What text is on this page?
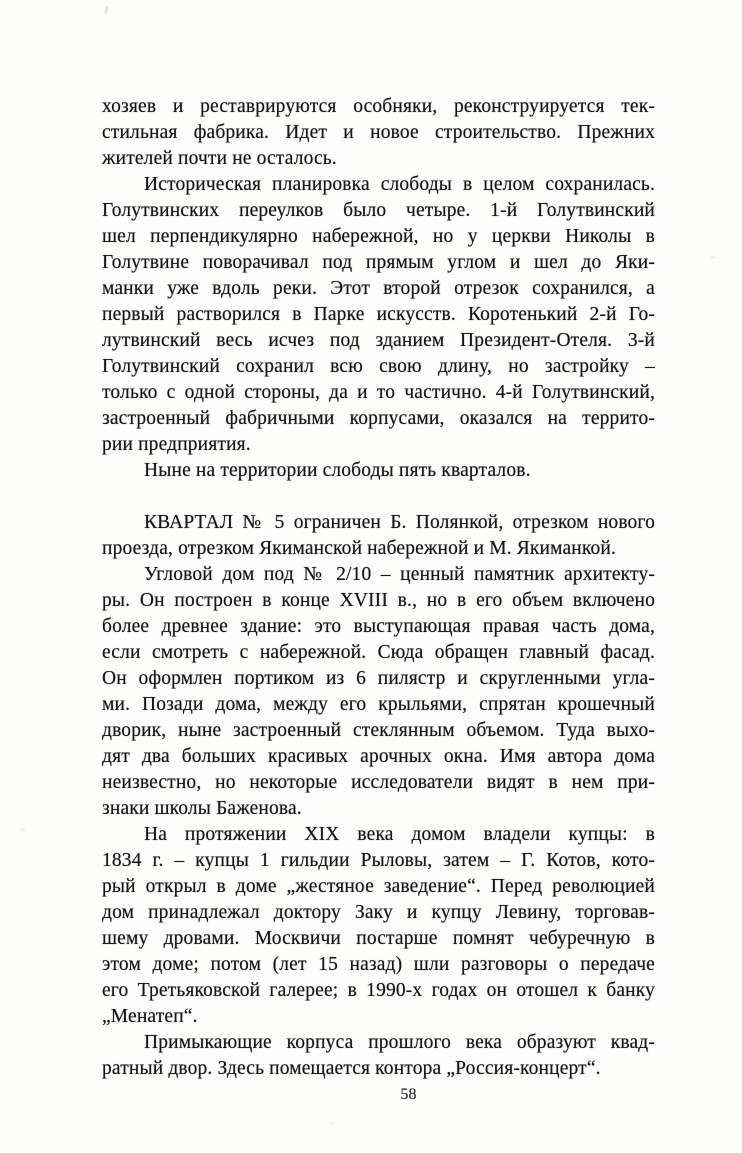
хозяев и реставрируются особняки, реконструируется тек-
стильная фабрика. Идет и новое строительство. Прежних
жителей почти не осталось.
Историческая планировка слободы в целом сохранилась.
Голутвинских переулков было четыре. 1-й Голутвинский
шел перпендикулярно набережной, но у церкви Николы в
Голутвине поворачивал под прямым углом и шел до Яки-
манки уже вдоль реки. Этот второй отрезок сохранился, а
первый растворился в Парке искусств. Коротенький 2-й Го-
лутвинский весь исчез под зданием Президент-Отеля. 3-й
Голутвинский сохранил всю свою длину, но застройку –
только с одной стороны, да и то частично. 4-й Голутвинский,
застроенный фабричными корпусами, оказался на террито-
рии предприятия.
Ныне на территории слободы пять кварталов.
КВАРТАЛ № 5 ограничен Б. Полянкой, отрезком нового
проезда, отрезком Якиманской набережной и М. Якиманкой.
Угловой дом под № 2/10 – ценный памятник архитекту-
ры. Он построен в конце XVIII в., но в его объем включено
более древнее здание: это выступающая правая часть дома,
если смотреть с набережной. Сюда обращен главный фасад.
Он оформлен портиком из 6 пилястр и скругленными угла-
ми. Позади дома, между его крыльями, спрятан крошечный
дворик, ныне застроенный стеклянным объемом. Туда выхо-
дят два больших красивых арочных окна. Имя автора дома
неизвестно, но некоторые исследователи видят в нем при-
знаки школы Баженова.
На протяжении XIX века домом владели купцы: в
1834 г. – купцы 1 гильдии Рыловы, затем – Г. Котов, кото-
рый открыл в доме „жестяное заведение“. Перед революцией
дом принадлежал доктору Заку и купцу Левину, торговав-
шему дровами. Москвичи постарше помнят чебуречную в
этом доме; потом (лет 15 назад) шли разговоры о передаче
его Третьяковской галерее; в 1990-х годах он отошел к банку
„Менатеп“.
Примыкающие корпуса прошлого века образуют квад-
ратный двор. Здесь помещается контора „Россия-концерт“.
58
